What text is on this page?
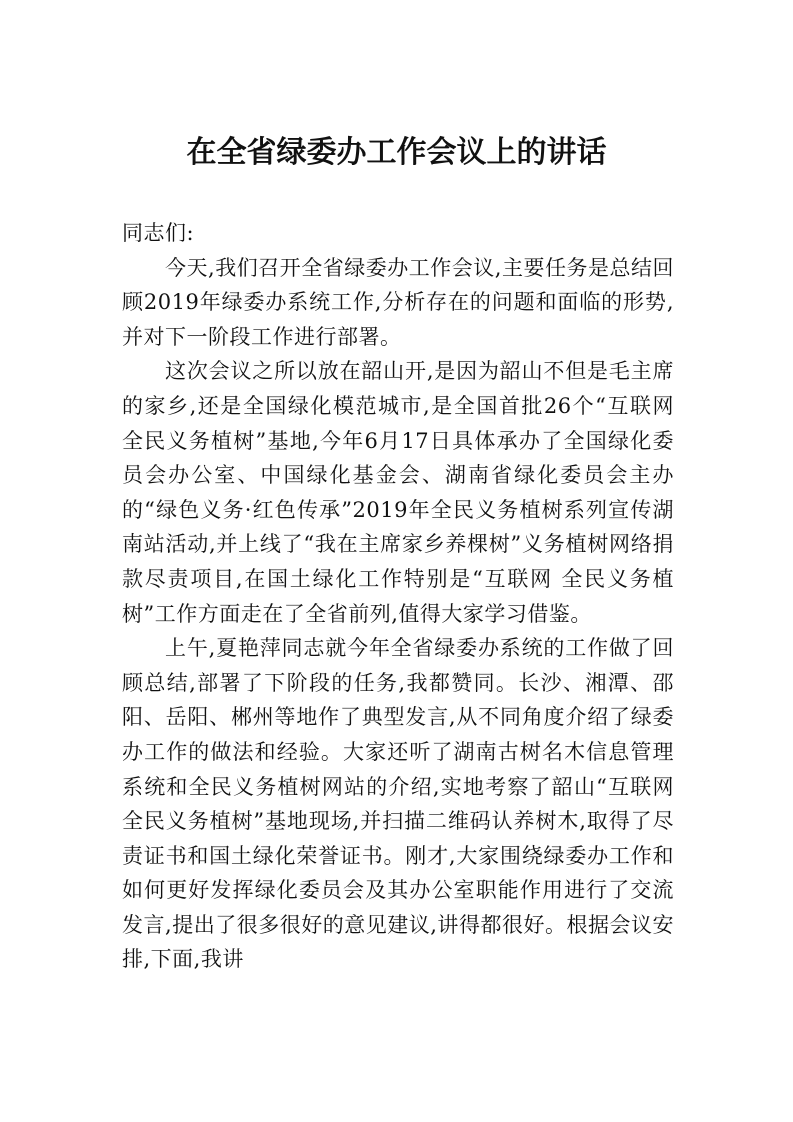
在全省绿委办工作会议上的讲话

同志们:

今天,我们召开全省绿委办工作会议,主要任务是总结回顾2019年绿委办系统工作,分析存在的问题和面临的形势,并对下一阶段工作进行部署。

这次会议之所以放在韶山开,是因为韶山不但是毛主席的家乡,还是全国绿化模范城市,是全国首批26个“互联网 全民义务植树”基地,今年6月17日具体承办了全国绿化委员会办公室、中国绿化基金会、湖南省绿化委员会主办的“绿色义务·红色传承”2019年全民义务植树系列宣传湖南站活动,并上线了“我在主席家乡养棵树”义务植树网络捐款尽责项目,在国土绿化工作特别是“互联网 全民义务植树”工作方面走在了全省前列,值得大家学习借鉴。

上午,夏艳萍同志就今年全省绿委办系统的工作做了回顾总结,部署了下阶段的任务,我都赞同。长沙、湘潭、邵阳、岳阳、郴州等地作了典型发言,从不同角度介绍了绿委办工作的做法和经验。大家还听了湖南古树名木信息管理系统和全民义务植树网站的介绍,实地考察了韶山“互联网 全民义务植树”基地现场,并扫描二维码认养树木,取得了尽责证书和国土绿化荣誉证书。刚才,大家围绕绿委办工作和如何更好发挥绿化委员会及其办公室职能作用进行了交流发言,提出了很多很好的意见建议,讲得都很好。根据会议安排,下面,我讲
